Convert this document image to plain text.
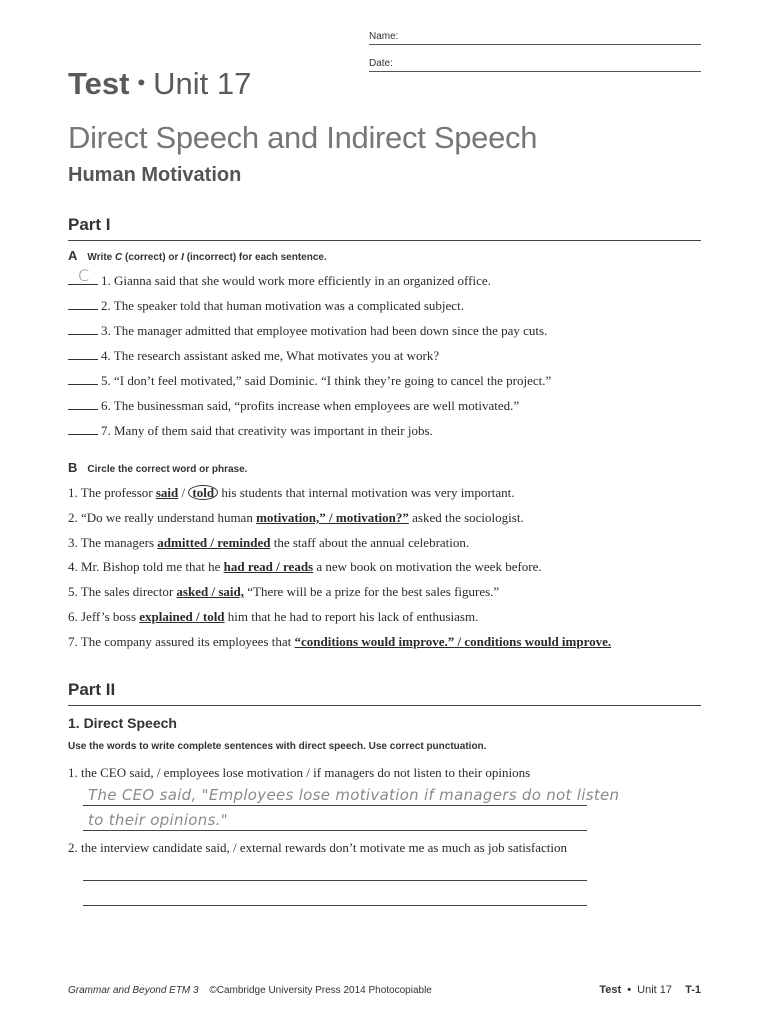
Name:
Date:
Test • Unit 17
Direct Speech and Indirect Speech
Human Motivation
Part I
A Write C (correct) or I (incorrect) for each sentence.
C 1. Gianna said that she would work more efficiently in an organized office.
2. The speaker told that human motivation was a complicated subject.
3. The manager admitted that employee motivation had been down since the pay cuts.
4. The research assistant asked me, What motivates you at work?
5. “I don’t feel motivated,” said Dominic. “I think they’re going to cancel the project.”
6. The businessman said, “profits increase when employees are well motivated.”
7. Many of them said that creativity was important in their jobs.
B Circle the correct word or phrase.
1. The professor said / told his students that internal motivation was very important.
2. “Do we really understand human motivation,” / motivation?” asked the sociologist.
3. The managers admitted / reminded the staff about the annual celebration.
4. Mr. Bishop told me that he had read / reads a new book on motivation the week before.
5. The sales director asked / said, “There will be a prize for the best sales figures.”
6. Jeff’s boss explained / told him that he had to report his lack of enthusiasm.
7. The company assured its employees that “conditions would improve.” / conditions would improve.
Part II
1. Direct Speech
Use the words to write complete sentences with direct speech. Use correct punctuation.
1. the CEO said, / employees lose motivation / if managers do not listen to their opinions
The CEO said, "Employees lose motivation if managers do not listen
to their opinions."
2. the interview candidate said, / external rewards don’t motivate me as much as job satisfaction
Grammar and Beyond ETM 3 ©Cambridge University Press 2014 Photocopiable	Test • Unit 17 T-1
